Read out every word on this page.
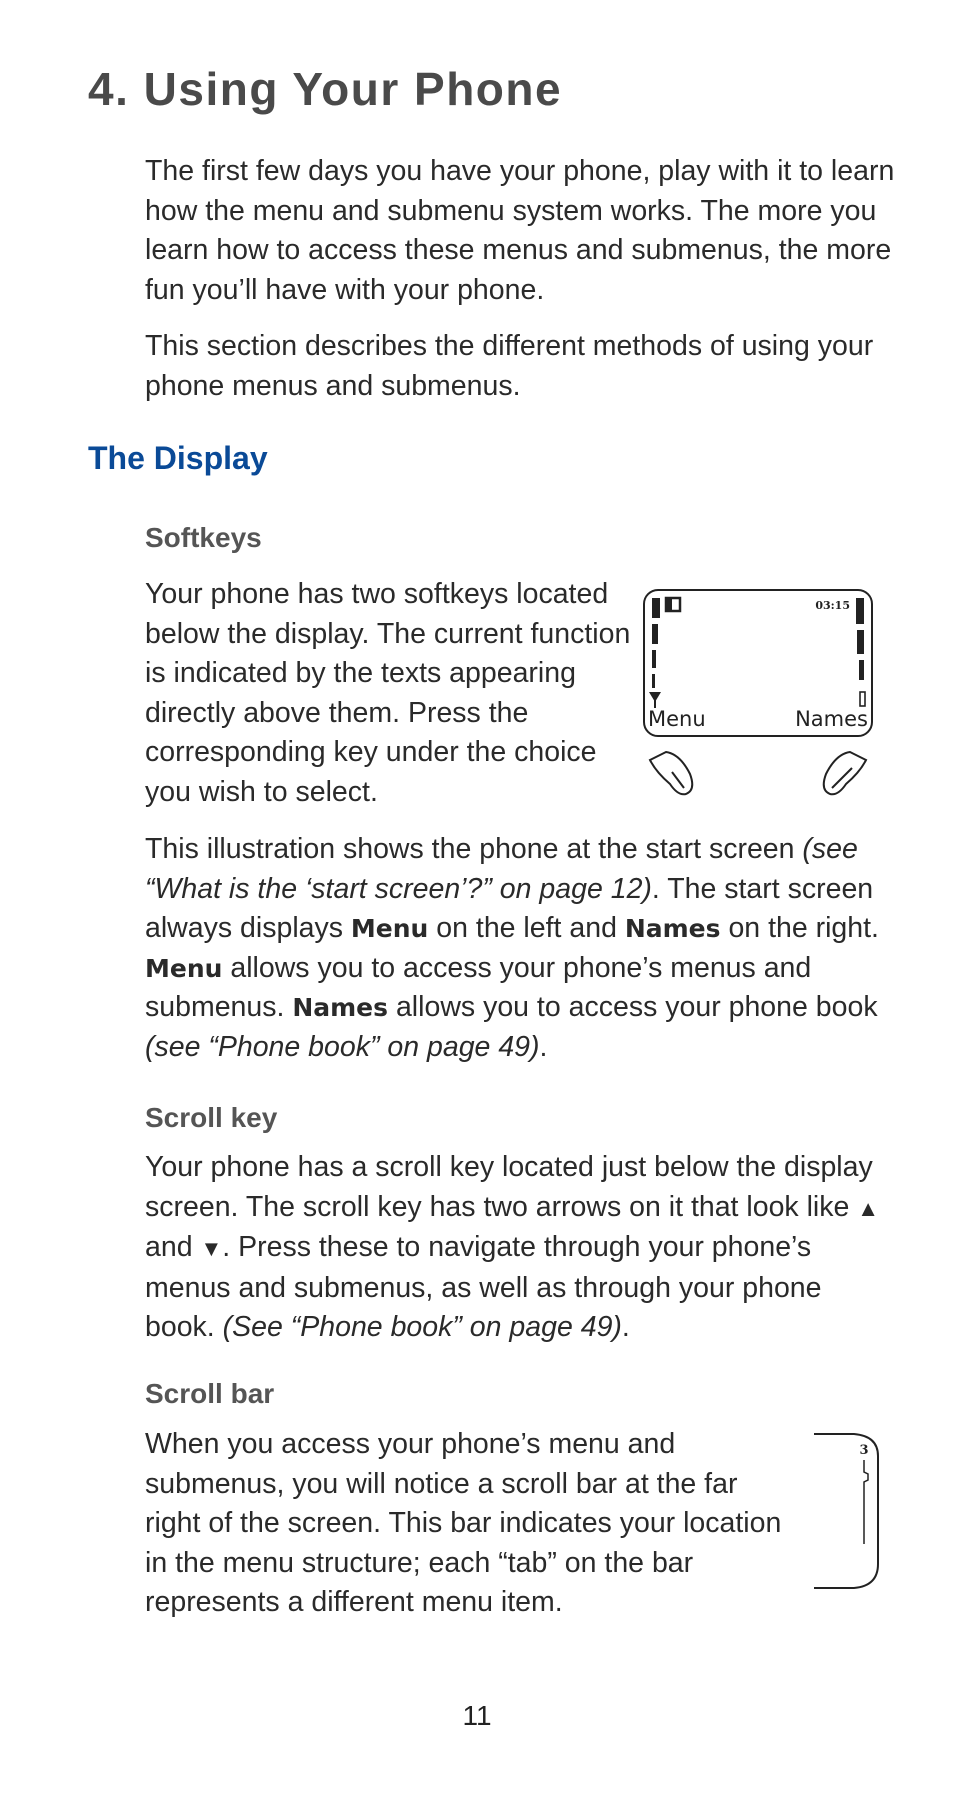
4. Using Your Phone

The first few days you have your phone, play with it to learn how the menu and submenu system works. The more you learn how to access these menus and submenus, the more fun you’ll have with your phone.

This section describes the different methods of using your phone menus and submenus.

The Display
Softkeys

Your phone has two softkeys located below the display. The current function is indicated by the texts appearing directly above them. Press the corresponding key under the choice you wish to select.

03:15
Menu	Names

This illustration shows the phone at the start screen (see “What is the ‘start screen’?” on page 12). The start screen always displays Menu on the left and Names on the right. Menu allows you to access your phone’s menus and submenus. Names allows you to access your phone book (see “Phone book” on page 49).

Scroll key

Your phone has a scroll key located just below the display screen. The scroll key has two arrows on it that look like ▲ and ▼. Press these to navigate through your phone’s menus and submenus, as well as through your phone book. (See “Phone book” on page 49).

Scroll bar

When you access your phone’s menu and submenus, you will notice a scroll bar at the far right of the screen. This bar indicates your location in the menu structure; each “tab” on the bar represents a different menu item.

3
11
